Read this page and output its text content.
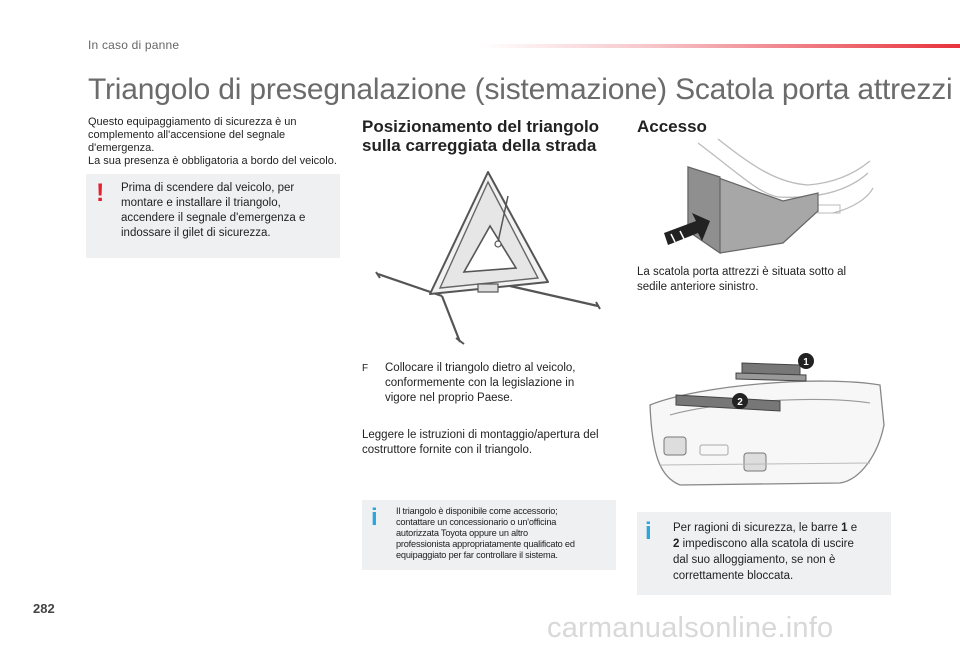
In caso di panne
Triangolo di presegnalazione (sistemazione) Scatola porta attrezzi
Questo equipaggiamento di sicurezza è un
complemento all'accensione del segnale
d'emergenza.
La sua presenza è obbligatoria a bordo del veicolo.
! Prima di scendere dal veicolo, per
montare e installare il triangolo,
accendere il segnale d'emergenza e
indossare il gilet di sicurezza.
Posizionamento del triangolo
sulla carreggiata della strada
F Collocare il triangolo dietro al veicolo,
conformemente con la legislazione in
vigore nel proprio Paese.
Leggere le istruzioni di montaggio/apertura del
costruttore fornite con il triangolo.
i Il triangolo è disponibile come accessorio;
contattare un concessionario o un'officina
autorizzata Toyota oppure un altro
professionista appropriatamente qualificato ed
equipaggiato per far controllare il sistema.
Accesso
La scatola porta attrezzi è situata sotto al
sedile anteriore sinistro.
1
2
i Per ragioni di sicurezza, le barre 1 e
2 impediscono alla scatola di uscire
dal suo alloggiamento, se non è
correttamente bloccata.
282
carmanualsonline.info
